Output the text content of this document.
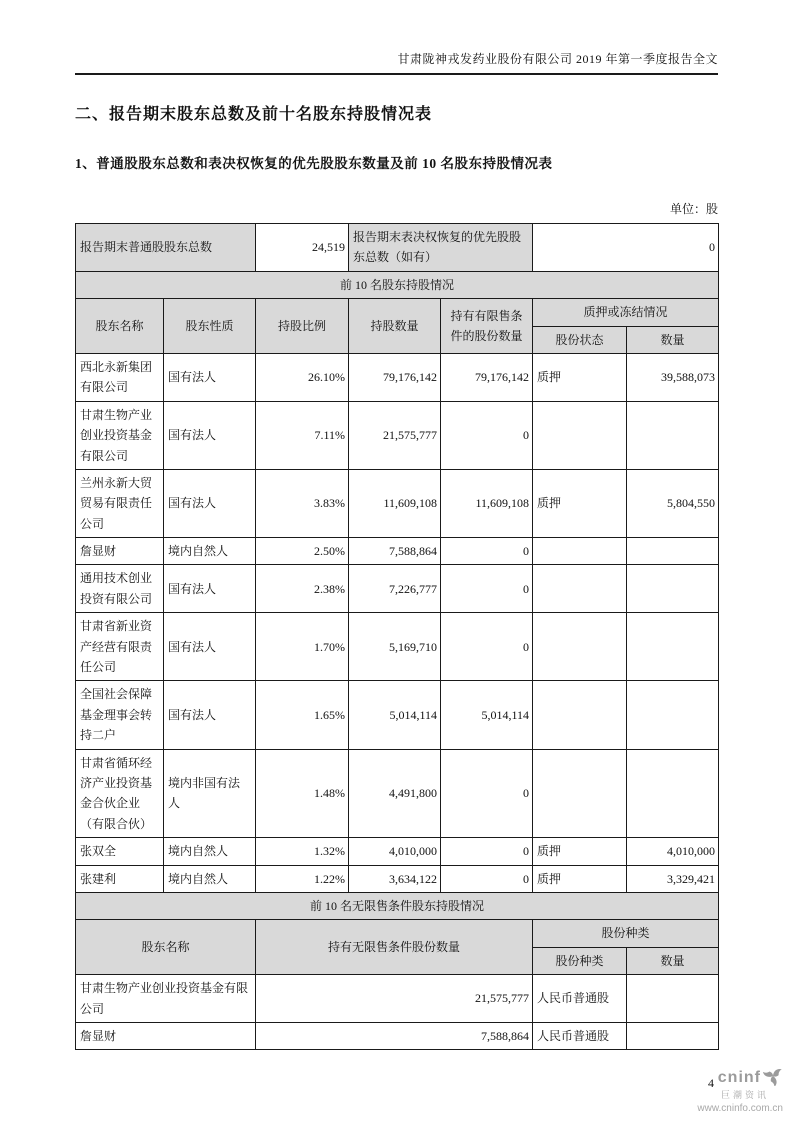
甘肃陇神戎发药业股份有限公司 2019 年第一季度报告全文
二、报告期末股东总数及前十名股东持股情况表
1、普通股股东总数和表决权恢复的优先股股东数量及前 10 名股东持股情况表
单位：股
报告期末普通股股东总数		24,519	报告期末表决权恢复的优先股股东总数（如有）		0	
前 10 名股东持股情况						
股东名称	股东性质	持股比例	持股数量	持有有限售条件的股份数量	质押或冻结情况	
					股份状态	数量
西北永新集团有限公司	国有法人	26.10%	79,176,142	79,176,142	质押	39,588,073
甘肃生物产业创业投资基金有限公司	国有法人	7.11%	21,575,777	0		
兰州永新大贸贸易有限责任公司	国有法人	3.83%	11,609,108	11,609,108	质押	5,804,550
詹显财	境内自然人	2.50%	7,588,864	0		
通用技术创业投资有限公司	国有法人	2.38%	7,226,777	0		
甘肃省新业资产经营有限责任公司	国有法人	1.70%	5,169,710	0		
全国社会保障基金理事会转持二户	国有法人	1.65%	5,014,114	5,014,114		
甘肃省循环经济产业投资基金合伙企业（有限合伙）	境内非国有法人	1.48%	4,491,800	0		
张双全	境内自然人	1.32%	4,010,000	0	质押	4,010,000
张建利	境内自然人	1.22%	3,634,122	0	质押	3,329,421
前 10 名无限售条件股东持股情况						
股东名称		持有无限售条件股份数量			股份种类	
					股份种类	数量
甘肃生物产业创业投资基金有限公司		21,575,777			人民币普通股	
詹显财		7,588,864			人民币普通股	
4 cninf
巨潮资讯
www.cninfo.com.cn
